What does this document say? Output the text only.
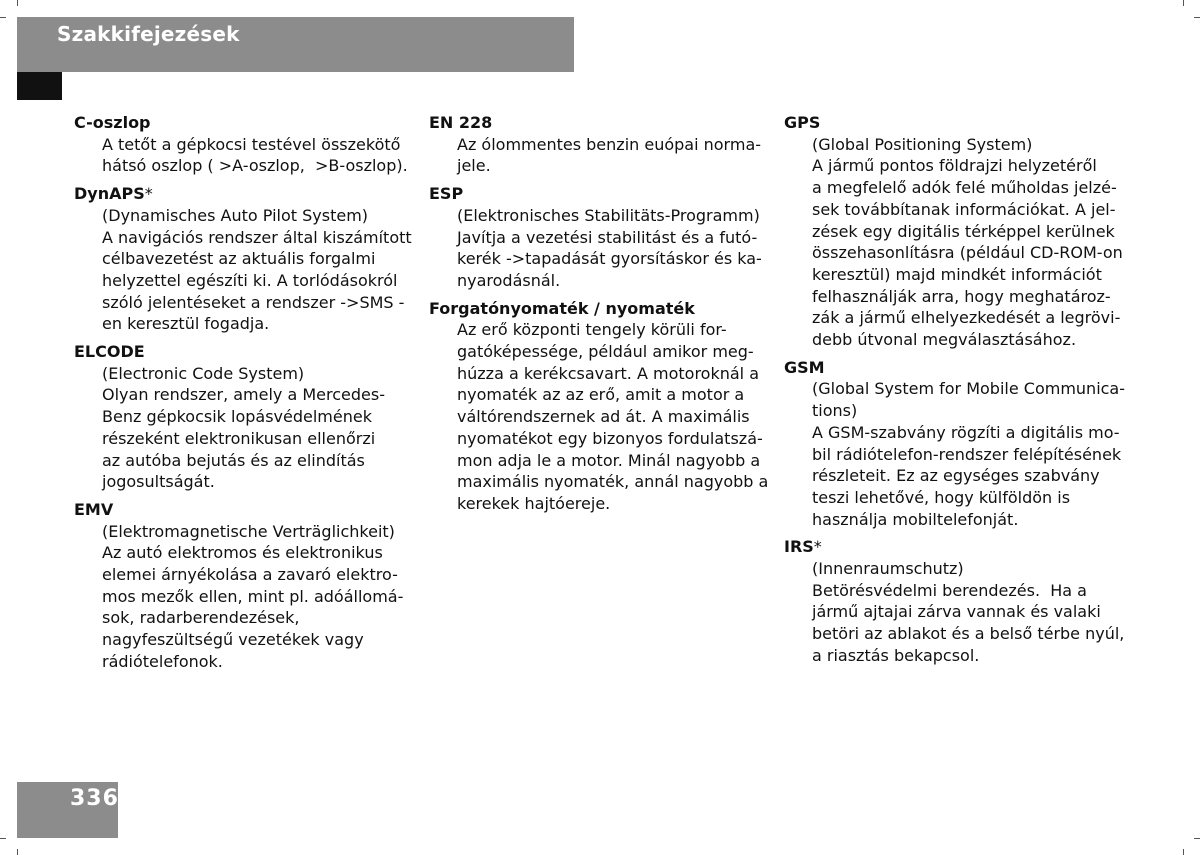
Szakkifejezések
C-oszlop
A tetőt a gépkocsi testével összekötő
hátsó oszlop ( >A-oszlop,  >B-oszlop).
DynAPS*
(Dynamisches Auto Pilot System)
A navigációs rendszer által kiszámított
célbavezetést az aktuális forgalmi
helyzettel egészíti ki. A torlódásokról
szóló jelentéseket a rendszer ->SMS -
en keresztül fogadja.
ELCODE
(Electronic Code System)
Olyan rendszer, amely a Mercedes-
Benz gépkocsik lopásvédelmének
részeként elektronikusan ellenőrzi
az autóba bejutás és az elindítás
jogosultságát.
EMV
(Elektromagnetische Verträglichkeit)
Az autó elektromos és elektronikus
elemei árnyékolása a zavaró elektro-
mos mezők ellen, mint pl. adóállomá-
sok, radarberendezések,
nagyfeszültségű vezetékek vagy
rádiótelefonok.
EN 228
Az ólommentes benzin euópai norma-
jele.
ESP
(Elektronisches Stabilitäts-Programm)
Javítja a vezetési stabilitást és a futó-
kerék ->tapadását gyorsításkor és ka-
nyarodásnál.
Forgatónyomaték / nyomaték
Az erő központi tengely körüli for-
gatóképessége, például amikor meg-
húzza a kerékcsavart. A motoroknál a
nyomaték az az erő, amit a motor a
váltórendszernek ad át. A maximális
nyomatékot egy bizonyos fordulatszá-
mon adja le a motor. Minál nagyobb a
maximális nyomaték, annál nagyobb a
kerekek hajtóereje.
GPS
(Global Positioning System)
A jármű pontos földrajzi helyzetéről
a megfelelő adók felé műholdas jelzé-
sek továbbítanak információkat. A jel-
zések egy digitális térképpel kerülnek
összehasonlításra (például CD-ROM-on
keresztül) majd mindkét információt
felhasználják arra, hogy meghatároz-
zák a jármű elhelyezkedését a legrövi-
debb útvonal megválasztásához.
GSM
(Global System for Mobile Communica-
tions)
A GSM-szabvány rögzíti a digitális mo-
bil rádiótelefon-rendszer felépítésének
részleteit. Ez az egységes szabvány
teszi lehetővé, hogy külföldön is
használja mobiltelefonját.
IRS*
(Innenraumschutz)
Betörésvédelmi berendezés.  Ha a
jármű ajtajai zárva vannak és valaki
betöri az ablakot és a belső térbe nyúl,
a riasztás bekapcsol.
336
